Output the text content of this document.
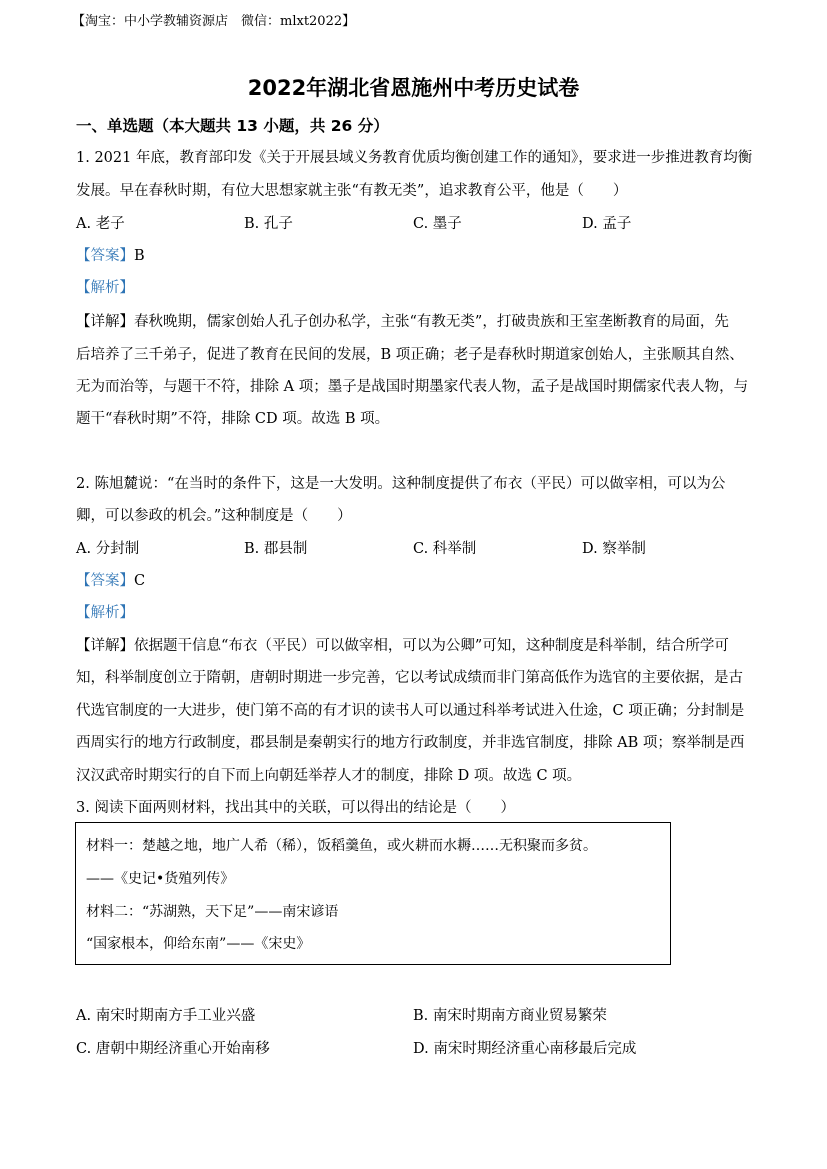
【淘宝：中小学教辅资源店　微信：mlxt2022】
2022年湖北省恩施州中考历史试卷
一、单选题（本大题共 13 小题，共 26 分）
1. 2021 年底，教育部印发《关于开展县域义务教育优质均衡创建工作的通知》，要求进一步推进教育均衡
发展。早在春秋时期，有位大思想家就主张“有教无类”，追求教育公平，他是（　　）
A. 老子	B. 孔子	C. 墨子	D. 孟子
【答案】B
【解析】
【详解】春秋晚期，儒家创始人孔子创办私学，主张“有教无类”，打破贵族和王室垄断教育的局面，先
后培养了三千弟子，促进了教育在民间的发展，B 项正确；老子是春秋时期道家创始人，主张顺其自然、
无为而治等，与题干不符，排除 A 项；墨子是战国时期墨家代表人物，孟子是战国时期儒家代表人物，与
题干“春秋时期”不符，排除 CD 项。故选 B 项。
2. 陈旭麓说：“在当时的条件下，这是一大发明。这种制度提供了布衣（平民）可以做宰相，可以为公
卿，可以参政的机会。”这种制度是（　　）
A. 分封制	B. 郡县制	C. 科举制	D. 察举制
【答案】C
【解析】
【详解】依据题干信息“布衣（平民）可以做宰相，可以为公卿”可知，这种制度是科举制，结合所学可
知，科举制度创立于隋朝，唐朝时期进一步完善，它以考试成绩而非门第高低作为选官的主要依据，是古
代选官制度的一大进步，使门第不高的有才识的读书人可以通过科举考试进入仕途，C 项正确；分封制是
西周实行的地方行政制度，郡县制是秦朝实行的地方行政制度，并非选官制度，排除 AB 项；察举制是西
汉汉武帝时期实行的自下而上向朝廷举荐人才的制度，排除 D 项。故选 C 项。
3. 阅读下面两则材料，找出其中的关联，可以得出的结论是（　　）
材料一：楚越之地，地广人希（稀），饭稻羹鱼，或火耕而水耨……无积聚而多贫。
——《史记•货殖列传》
材料二：“苏湖熟，天下足”——南宋谚语
“国家根本，仰给东南”——《宋史》
A. 南宋时期南方手工业兴盛	B. 南宋时期南方商业贸易繁荣
C. 唐朝中期经济重心开始南移	D. 南宋时期经济重心南移最后完成
